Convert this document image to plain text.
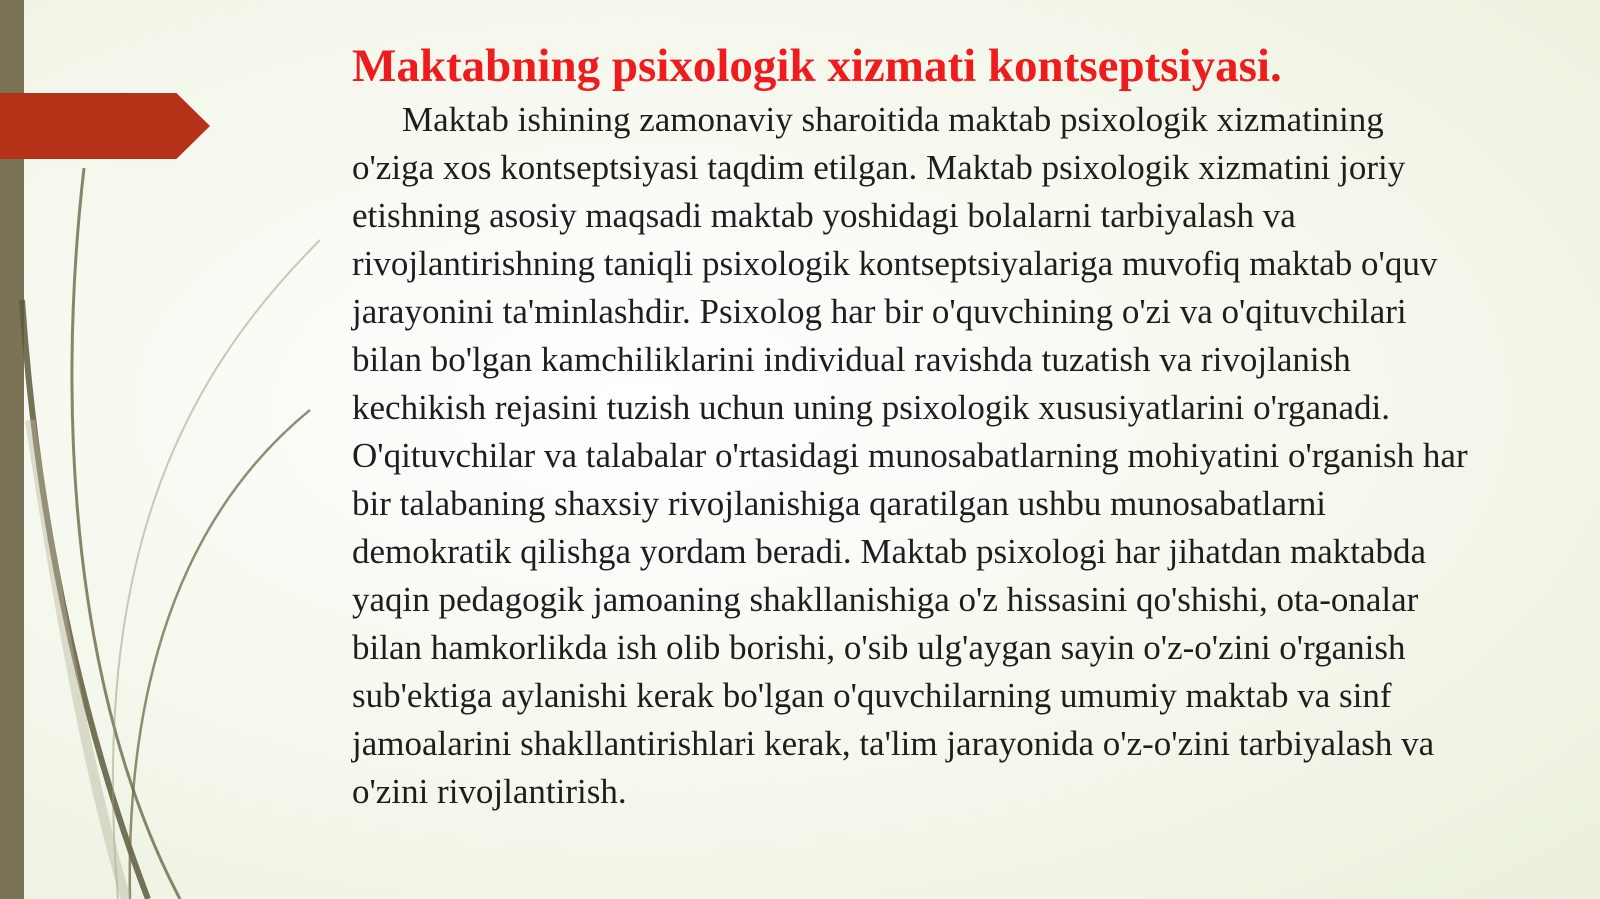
Maktabning psixologik xizmati kontseptsiyasi.

Maktab ishining zamonaviy sharoitida maktab psixologik xizmatining o'ziga xos kontseptsiyasi taqdim etilgan. Maktab psixologik xizmatini joriy etishning asosiy maqsadi maktab yoshidagi bolalarni tarbiyalash va rivojlantirishning taniqli psixologik kontseptsiyalariga muvofiq maktab o'quv jarayonini ta'minlashdir. Psixolog har bir o'quvchining o'zi va o'qituvchilari bilan bo'lgan kamchiliklarini individual ravishda tuzatish va rivojlanish kechikish rejasini tuzish uchun uning psixologik xususiyatlarini o'rganadi. O'qituvchilar va talabalar o'rtasidagi munosabatlarning mohiyatini o'rganish har bir talabaning shaxsiy rivojlanishiga qaratilgan ushbu munosabatlarni demokratik qilishga yordam beradi. Maktab psixologi har jihatdan maktabda yaqin pedagogik jamoaning shakllanishiga o'z hissasini qo'shishi, ota-onalar bilan hamkorlikda ish olib borishi, o'sib ulg'aygan sayin o'z-o'zini o'rganish sub'ektiga aylanishi kerak bo'lgan o'quvchilarning umumiy maktab va sinf jamoalarini shakllantirishlari kerak, ta'lim jarayonida o'z-o'zini tarbiyalash va o'zini rivojlantirish.
